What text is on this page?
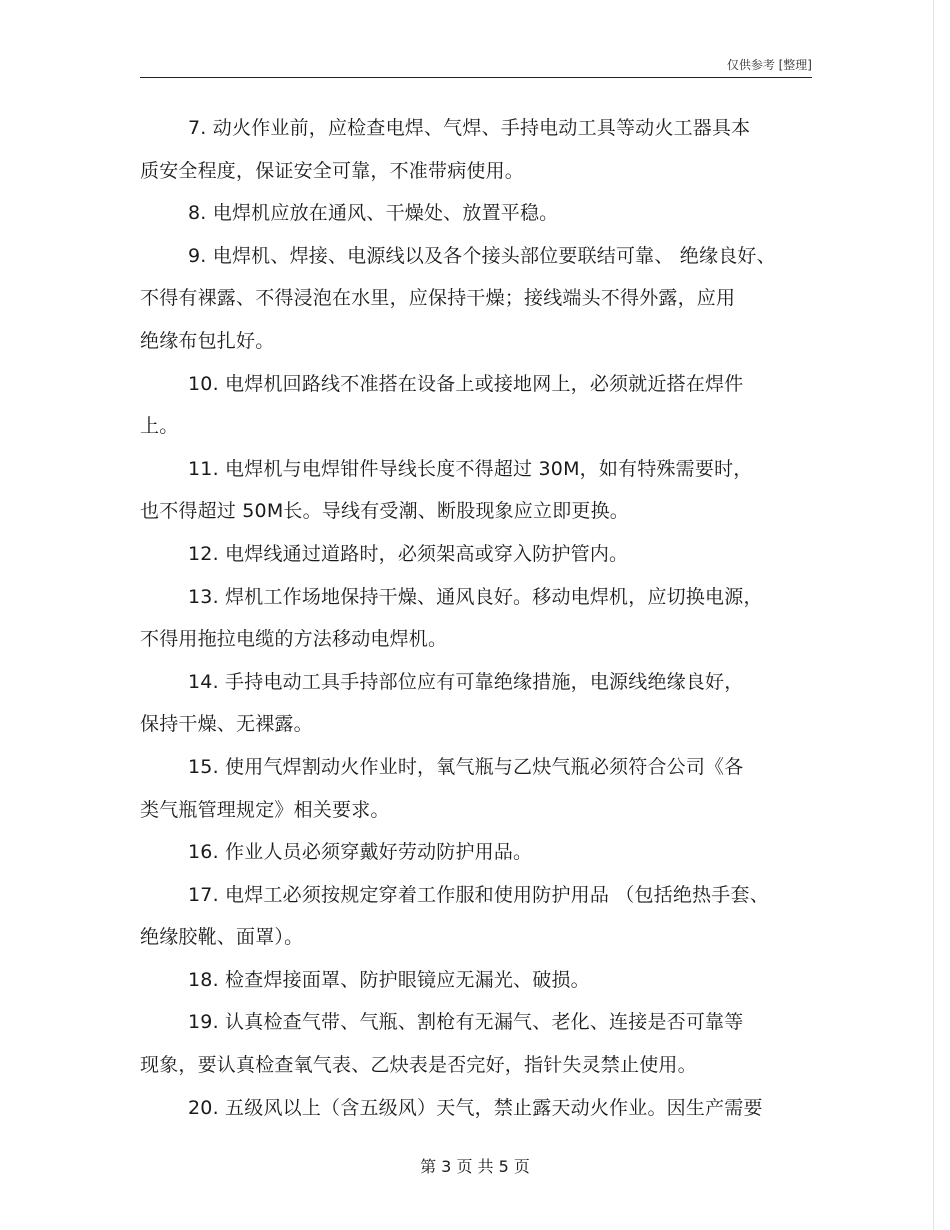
仅供参考 [整理]
7. 动火作业前，应检查电焊、气焊、手持电动工具等动火工器具本
质安全程度，保证安全可靠，不准带病使用。
8. 电焊机应放在通风、干燥处、放置平稳。
9. 电焊机、焊接、电源线以及各个接头部位要联结可靠、 绝缘良好、
不得有裸露、不得浸泡在水里，应保持干燥；接线端头不得外露，应用
绝缘布包扎好。
10. 电焊机回路线不准搭在设备上或接地网上，必须就近搭在焊件
上。
11. 电焊机与电焊钳件导线长度不得超过 30M，如有特殊需要时，
也不得超过 50M长。导线有受潮、断股现象应立即更换。
12. 电焊线通过道路时，必须架高或穿入防护管内。
13. 焊机工作场地保持干燥、通风良好。移动电焊机，应切换电源，
不得用拖拉电缆的方法移动电焊机。
14. 手持电动工具手持部位应有可靠绝缘措施，电源线绝缘良好，
保持干燥、无裸露。
15. 使用气焊割动火作业时，氧气瓶与乙炔气瓶必须符合公司《各
类气瓶管理规定》相关要求。
16. 作业人员必须穿戴好劳动防护用品。
17. 电焊工必须按规定穿着工作服和使用防护用品 （包括绝热手套、
绝缘胶靴、面罩）。
18. 检查焊接面罩、防护眼镜应无漏光、破损。
19. 认真检查气带、气瓶、割枪有无漏气、老化、连接是否可靠等
现象，要认真检查氧气表、乙炔表是否完好，指针失灵禁止使用。
20. 五级风以上（含五级风）天气，禁止露天动火作业。因生产需要
第 3 页 共 5 页
